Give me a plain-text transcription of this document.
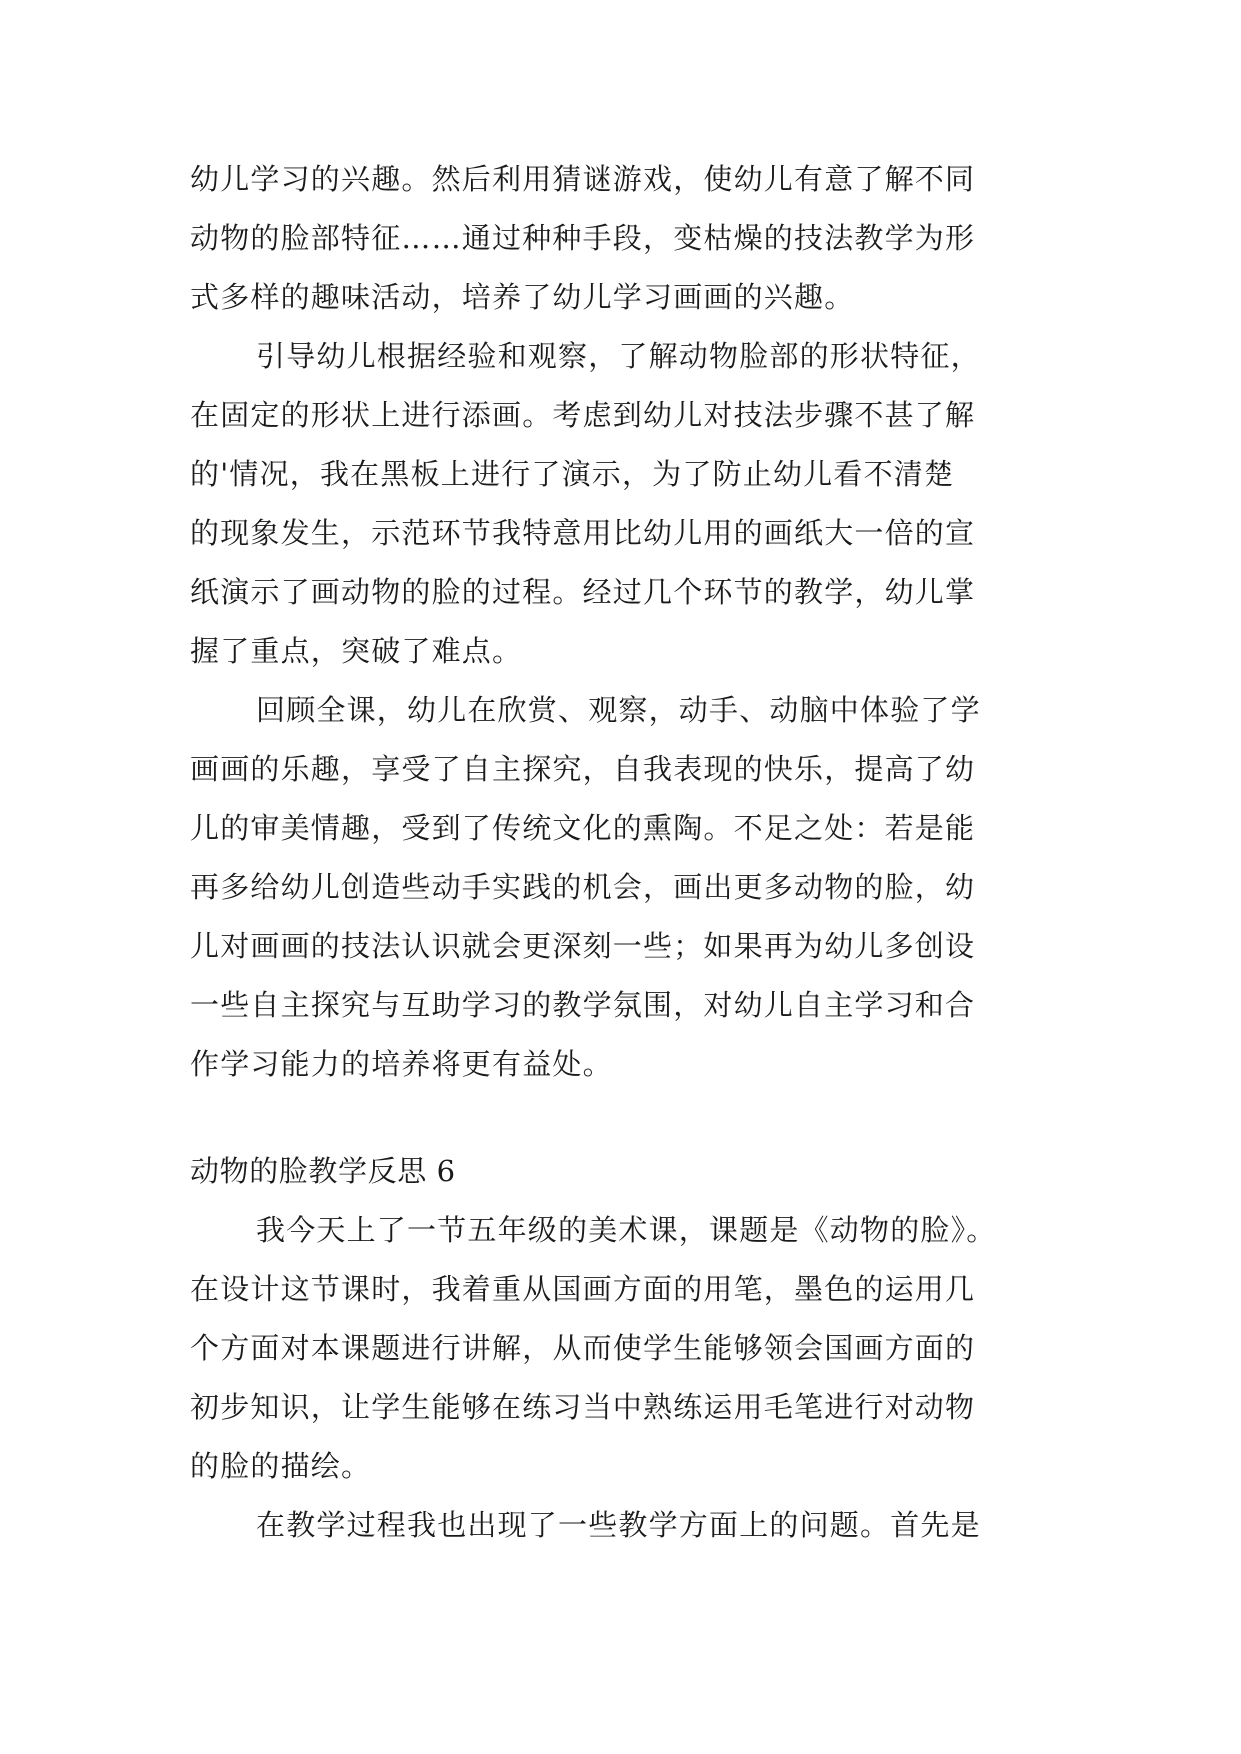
幼儿学习的兴趣。然后利用猜谜游戏，使幼儿有意了解不同
动物的脸部特征……通过种种手段，变枯燥的技法教学为形
式多样的趣味活动，培养了幼儿学习画画的兴趣。
引导幼儿根据经验和观察，了解动物脸部的形状特征，
在固定的形状上进行添画。考虑到幼儿对技法步骤不甚了解
的'情况，我在黑板上进行了演示，为了防止幼儿看不清楚
的现象发生，示范环节我特意用比幼儿用的画纸大一倍的宣
纸演示了画动物的脸的过程。经过几个环节的教学，幼儿掌
握了重点，突破了难点。
回顾全课，幼儿在欣赏、观察，动手、动脑中体验了学
画画的乐趣，享受了自主探究，自我表现的快乐，提高了幼
儿的审美情趣，受到了传统文化的熏陶。不足之处：若是能
再多给幼儿创造些动手实践的机会，画出更多动物的脸，幼
儿对画画的技法认识就会更深刻一些；如果再为幼儿多创设
一些自主探究与互助学习的教学氛围，对幼儿自主学习和合
作学习能力的培养将更有益处。
动物的脸教学反思 6
我今天上了一节五年级的美术课，课题是《动物的脸》。
在设计这节课时，我着重从国画方面的用笔，墨色的运用几
个方面对本课题进行讲解，从而使学生能够领会国画方面的
初步知识，让学生能够在练习当中熟练运用毛笔进行对动物
的脸的描绘。
在教学过程我也出现了一些教学方面上的问题。首先是
